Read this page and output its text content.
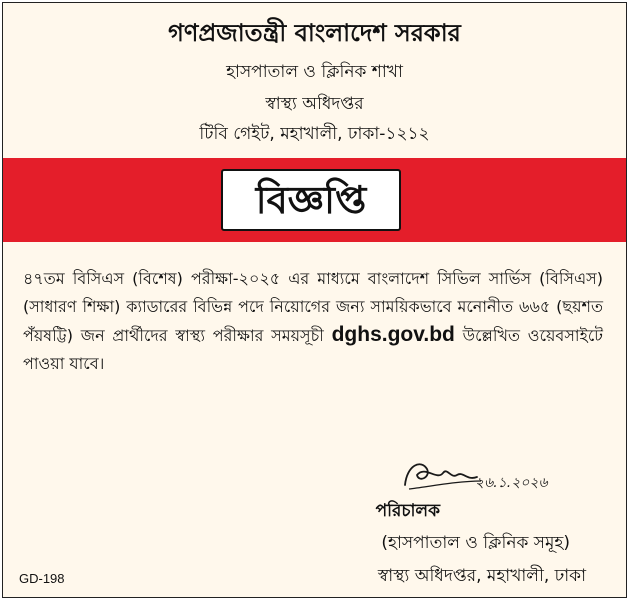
গণপ্রজাতন্ত্রী বাংলাদেশ সরকার
হাসপাতাল ও ক্লিনিক শাখা
স্বাস্থ্য অধিদপ্তর
টিবি গেইট, মহাখালী, ঢাকা-১২১২
বিজ্ঞপ্তি
৪৭তম বিসিএস (বিশেষ) পরীক্ষা-২০২৫ এর মাধ্যমে বাংলাদেশ সিভিল সার্ভিস (বিসিএস) (সাধারণ শিক্ষা) ক্যাডারের বিভিন্ন পদে নিয়োগের জন্য সাময়িকভাবে মনোনীত ৬৬৫ (ছয়শত পঁয়ষট্টি) জন প্রার্থীদের স্বাস্থ্য পরীক্ষার সময়সূচী dghs.gov.bd উল্লেখিত ওয়েবসাইটে পাওয়া যাবে।
২৬.১.২০২৬
পরিচালক
(হাসপাতাল ও ক্লিনিক সমূহ)
স্বাস্থ্য অধিদপ্তর, মহাখালী, ঢাকা
GD-198
